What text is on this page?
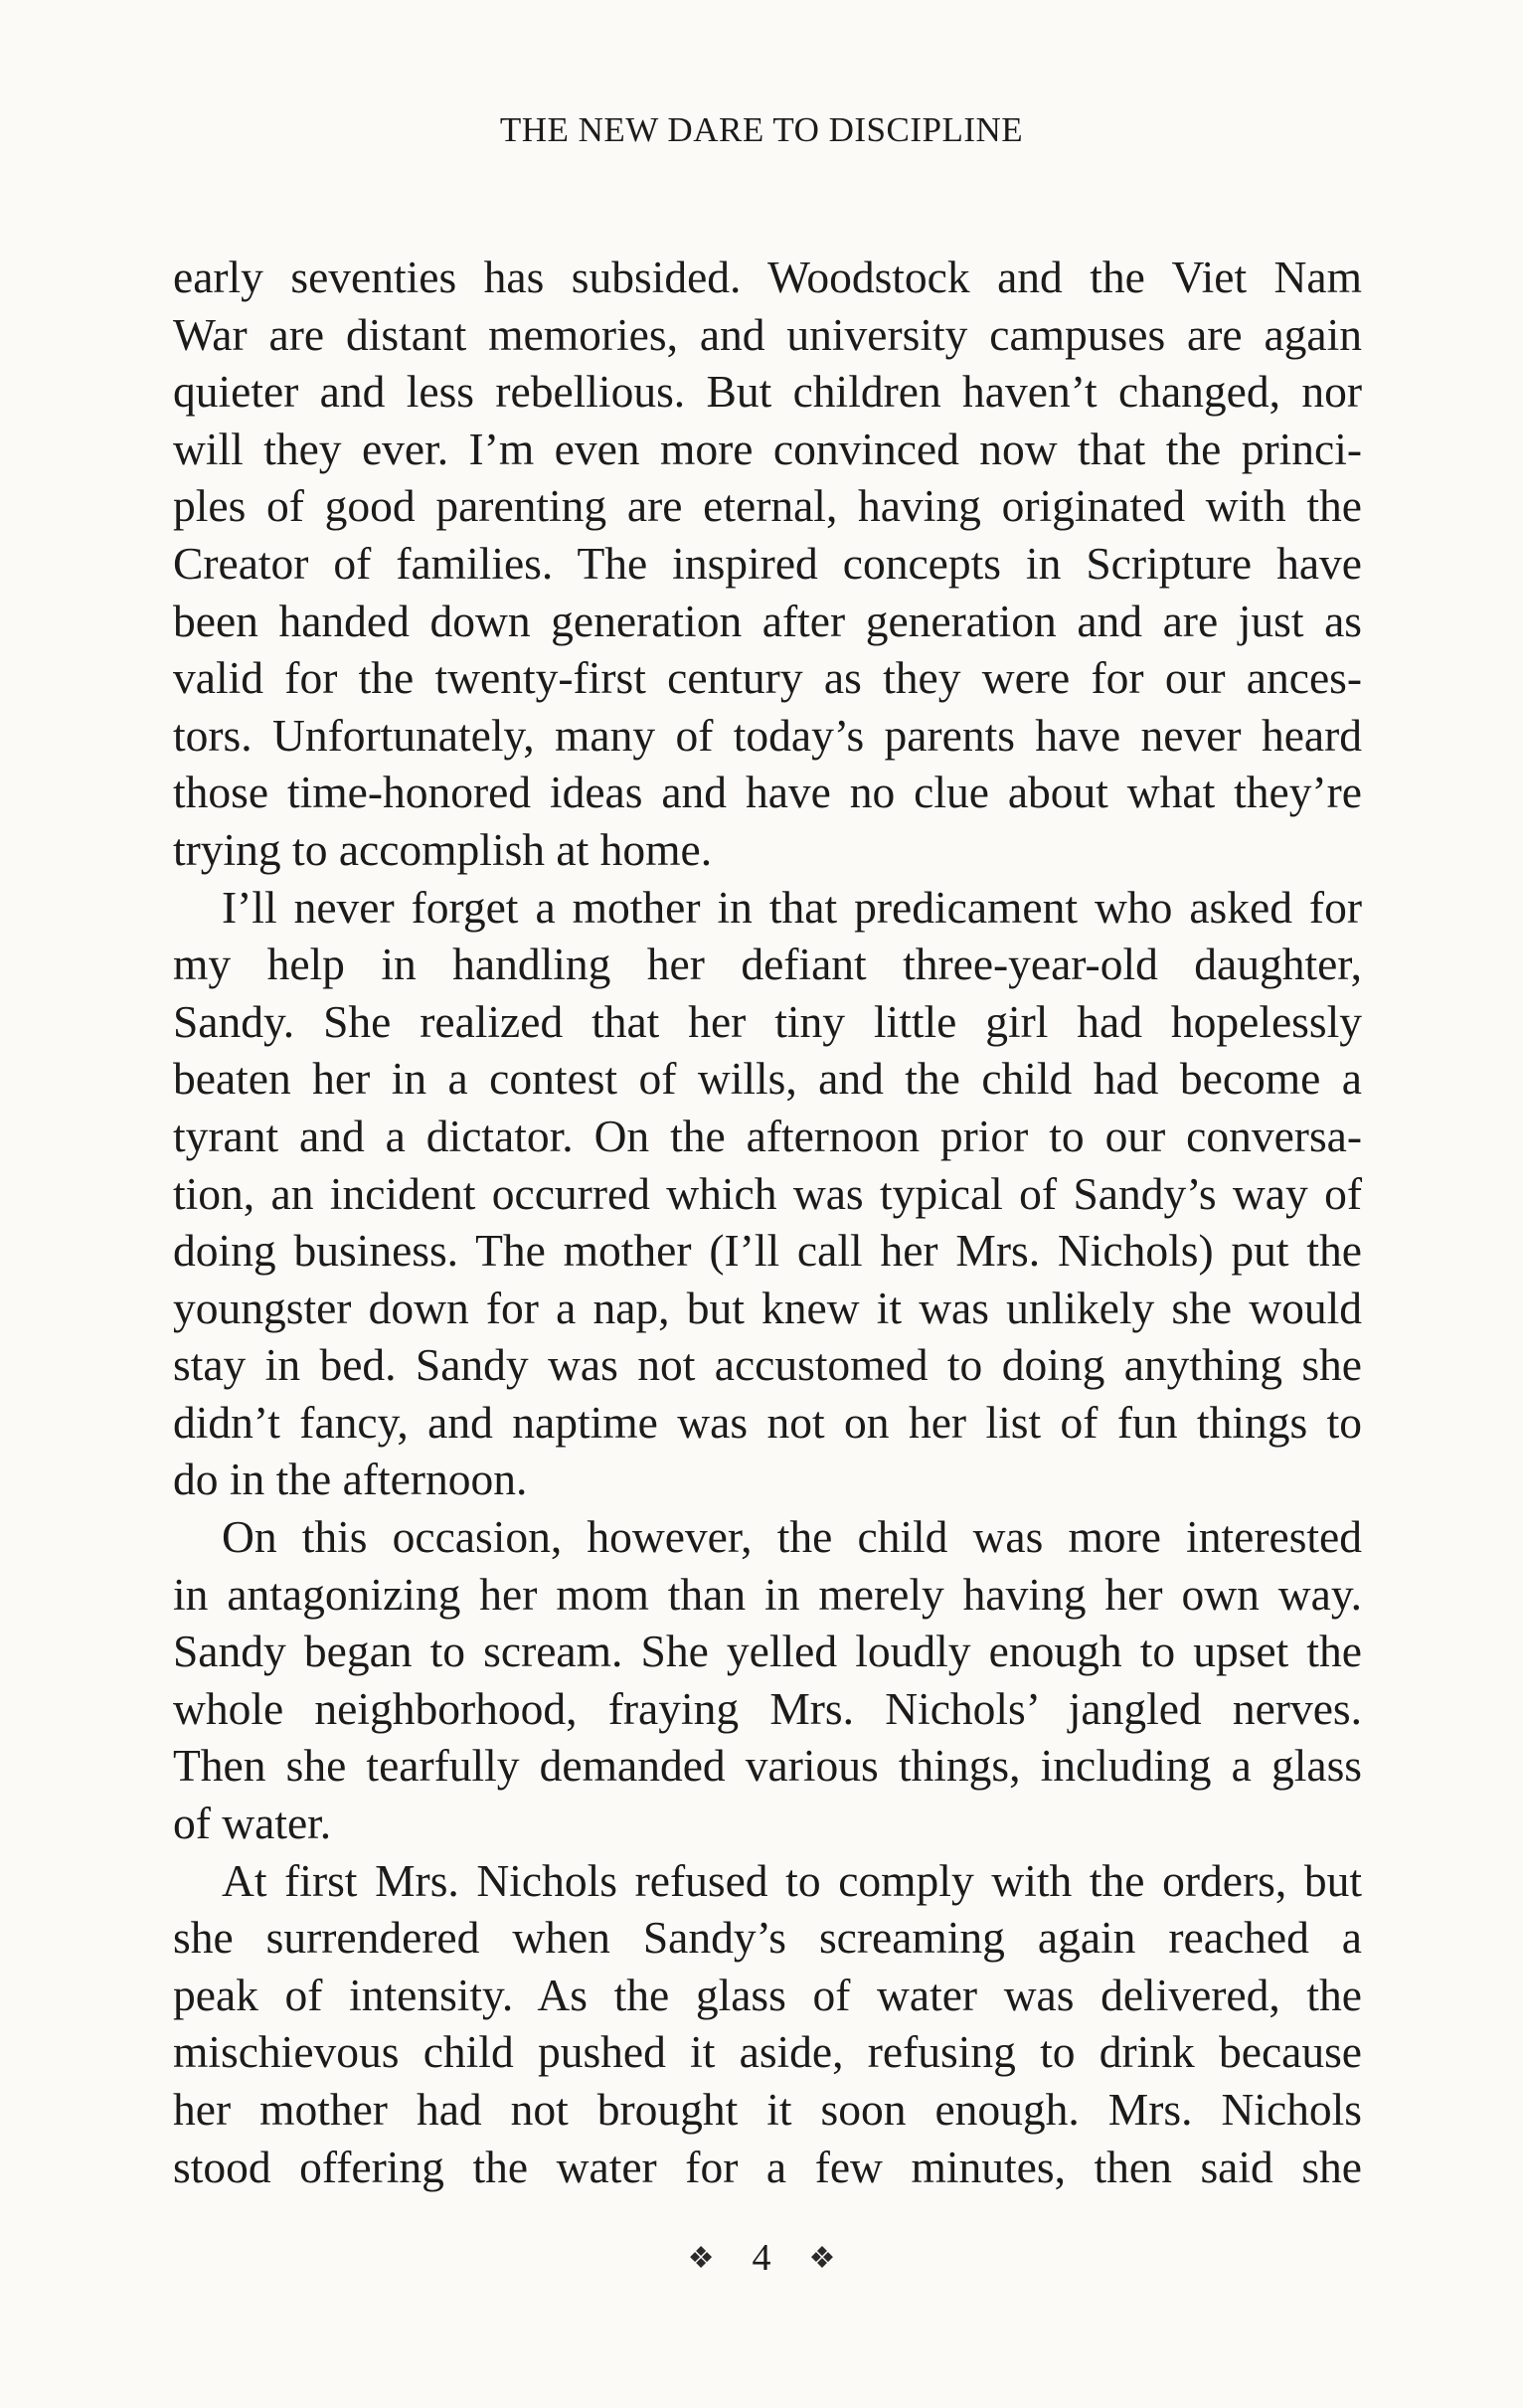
THE NEW DARE TO DISCIPLINE

early seventies has subsided. Woodstock and the Viet Nam
War are distant memories, and university campuses are again
quieter and less rebellious. But children haven’t changed, nor
will they ever. I’m even more convinced now that the princi-
ples of good parenting are eternal, having originated with the
Creator of families. The inspired concepts in Scripture have
been handed down generation after generation and are just as
valid for the twenty-first century as they were for our ances-
tors. Unfortunately, many of today’s parents have never heard
those time-honored ideas and have no clue about what they’re
trying to accomplish at home.

I’ll never forget a mother in that predicament who asked for
my help in handling her defiant three-year-old daughter,
Sandy. She realized that her tiny little girl had hopelessly
beaten her in a contest of wills, and the child had become a
tyrant and a dictator. On the afternoon prior to our conversa-
tion, an incident occurred which was typical of Sandy’s way of
doing business. The mother (I’ll call her Mrs. Nichols) put the
youngster down for a nap, but knew it was unlikely she would
stay in bed. Sandy was not accustomed to doing anything she
didn’t fancy, and naptime was not on her list of fun things to
do in the afternoon.

On this occasion, however, the child was more interested
in antagonizing her mom than in merely having her own way.
Sandy began to scream. She yelled loudly enough to upset the
whole neighborhood, fraying Mrs. Nichols’ jangled nerves.
Then she tearfully demanded various things, including a glass
of water.

At first Mrs. Nichols refused to comply with the orders, but
she surrendered when Sandy’s screaming again reached a
peak of intensity. As the glass of water was delivered, the
mischievous child pushed it aside, refusing to drink because
her mother had not brought it soon enough. Mrs. Nichols
stood offering the water for a few minutes, then said she

❖ 4 ❖
